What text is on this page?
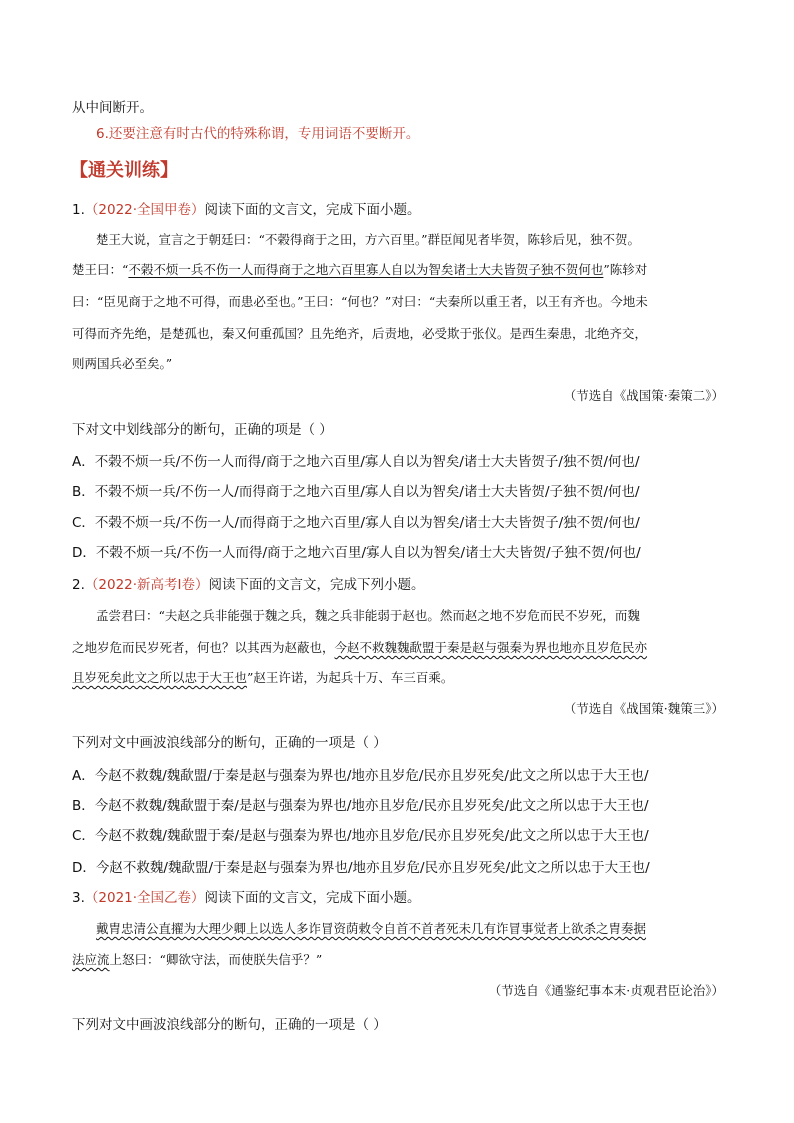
从中间断开。
6.还要注意有时古代的特殊称谓，专用词语不要断开。
【通关训练】
1.（2022·全国甲卷）阅读下面的文言文，完成下面小题。
楚王大说，宣言之于朝廷曰：“不榖得商于之田，方六百里。”群臣闻见者毕贺，陈轸后见，独不贺。
楚王曰：“不榖不烦一兵不伤一人而得商于之地六百里寡人自以为智矣诸士大夫皆贺子独不贺何也”陈轸对
曰：“臣见商于之地不可得，而患必至也。”王曰：“何也？”对曰：“夫秦所以重王者，以王有齐也。今地未
可得而齐先绝，是楚孤也，秦又何重孤国？且先绝齐，后责地，必受欺于张仪。是西生秦患，北绝齐交，
则两国兵必至矣。”
（节选自《战国策·秦策二》）
下对文中划线部分的断句，正确的项是（ ）
A．不榖不烦一兵/不伤一人而得/商于之地六百里/寡人自以为智矣/诸士大夫皆贺子/独不贺/何也/
B．不榖不烦一兵/不伤一人/而得商于之地六百里/寡人自以为智矣/诸士大夫皆贺/子独不贺/何也/
C．不榖不烦一兵/不伤一人/而得商于之地六百里/寡人自以为智矣/诸士大夫皆贺子/独不贺/何也/
D．不榖不烦一兵/不伤一人而得/商于之地六百里/寡人自以为智矣/诸士大夫皆贺/子独不贺/何也/
2.（2022·新高考Ⅰ卷）阅读下面的文言文，完成下列小题。
孟尝君曰：“夫赵之兵非能强于魏之兵，魏之兵非能弱于赵也。然而赵之地不岁危而民不岁死，而魏
之地岁危而民岁死者，何也？以其西为赵蔽也，今赵不救魏魏歃盟于秦是赵与强秦为界也地亦且岁危民亦
且岁死矣此文之所以忠于大王也”赵王许诺，为起兵十万、车三百乘。
（节选自《战国策·魏策三》）
下列对文中画波浪线部分的断句，正确的一项是（ ）
A．今赵不救魏/魏歃盟/于秦是赵与强秦为界也/地亦且岁危/民亦且岁死矣/此文之所以忠于大王也/
B．今赵不救魏/魏歃盟于秦/是赵与强秦为界也/地亦且岁危/民亦且岁死矣/此文之所以忠于大王也/
C．今赵不救魏/魏歃盟于秦/是赵与强秦为界也/地亦且岁危/民亦且岁死矣/此文之所以忠于大王也/
D．今赵不救魏/魏歃盟/于秦是赵与强秦为界也/地亦且岁危/民亦且岁死矣/此文之所以忠于大王也/
3.（2021·全国乙卷）阅读下面的文言文，完成下面小题。
戴胄忠清公直擢为大理少卿上以选人多诈冒资荫敕令自首不首者死未几有诈冒事觉者上欲杀之胄奏据
法应流上怒曰：“卿欲守法，而使朕失信乎？”
（节选自《通鉴纪事本末·贞观君臣论治》）
下列对文中画波浪线部分的断句，正确的一项是（ ）
